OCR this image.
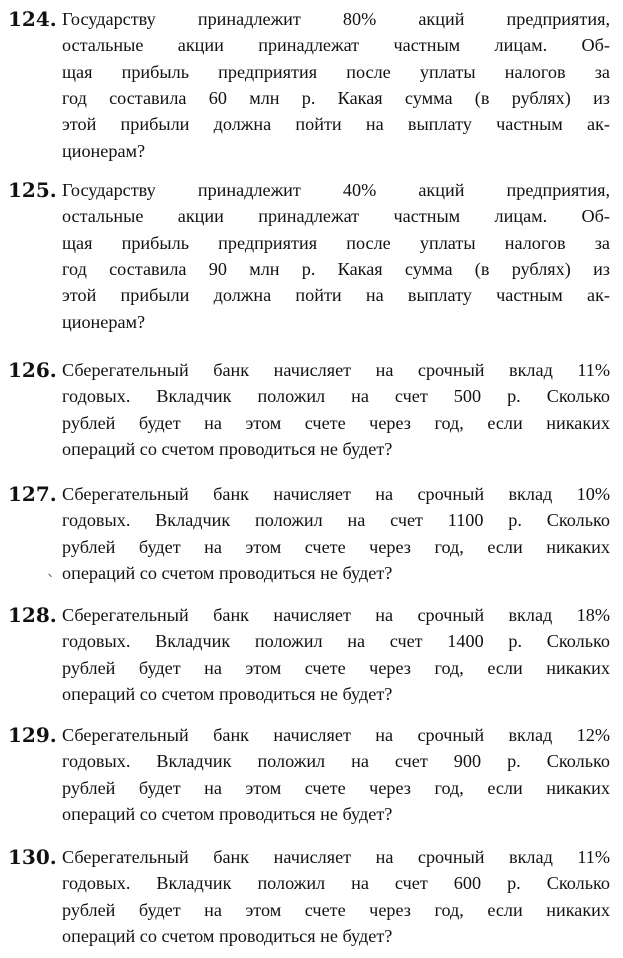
124. Государству принадлежит 80% акций предприятия,
остальные акции принадлежат частным лицам. Об-
щая прибыль предприятия после уплаты налогов за
год составила 60 млн р. Какая сумма (в рублях) из
этой прибыли должна пойти на выплату частным ак-
ционерам?
125. Государству принадлежит 40% акций предприятия,
остальные акции принадлежат частным лицам. Об-
щая прибыль предприятия после уплаты налогов за
год составила 90 млн р. Какая сумма (в рублях) из
этой прибыли должна пойти на выплату частным ак-
ционерам?
126. Сберегательный банк начисляет на срочный вклад 11%
годовых. Вкладчик положил на счет 500 р. Сколько
рублей будет на этом счете через год, если никаких
операций со счетом проводиться не будет?
127. Сберегательный банк начисляет на срочный вклад 10%
годовых. Вкладчик положил на счет 1100 р. Сколько
рублей будет на этом счете через год, если никаких
операций со счетом проводиться не будет?
128. Сберегательный банк начисляет на срочный вклад 18%
годовых. Вкладчик положил на счет 1400 р. Сколько
рублей будет на этом счете через год, если никаких
операций со счетом проводиться не будет?
129. Сберегательный банк начисляет на срочный вклад 12%
годовых. Вкладчик положил на счет 900 р. Сколько
рублей будет на этом счете через год, если никаких
операций со счетом проводиться не будет?
130. Сберегательный банк начисляет на срочный вклад 11%
годовых. Вкладчик положил на счет 600 р. Сколько
рублей будет на этом счете через год, если никаких
операций со счетом проводиться не будет?
